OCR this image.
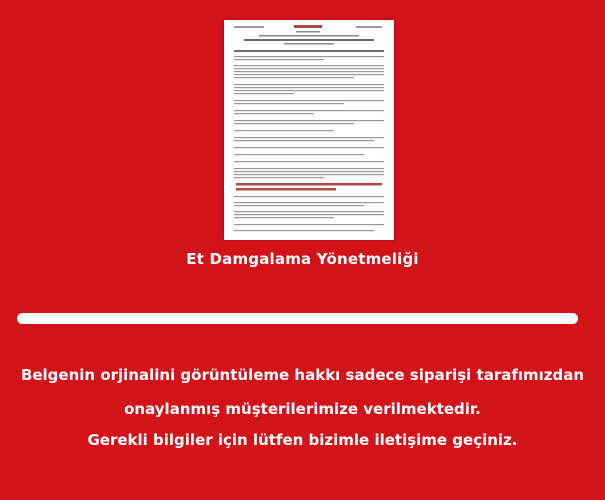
Et Damgalama Yönetmeliği
Belgenin orjinalini görüntüleme hakkı sadece siparişi tarafımızdan
onaylanmış müşterilerimize verilmektedir.
Gerekli bilgiler için lütfen bizimle iletişime geçiniz.
